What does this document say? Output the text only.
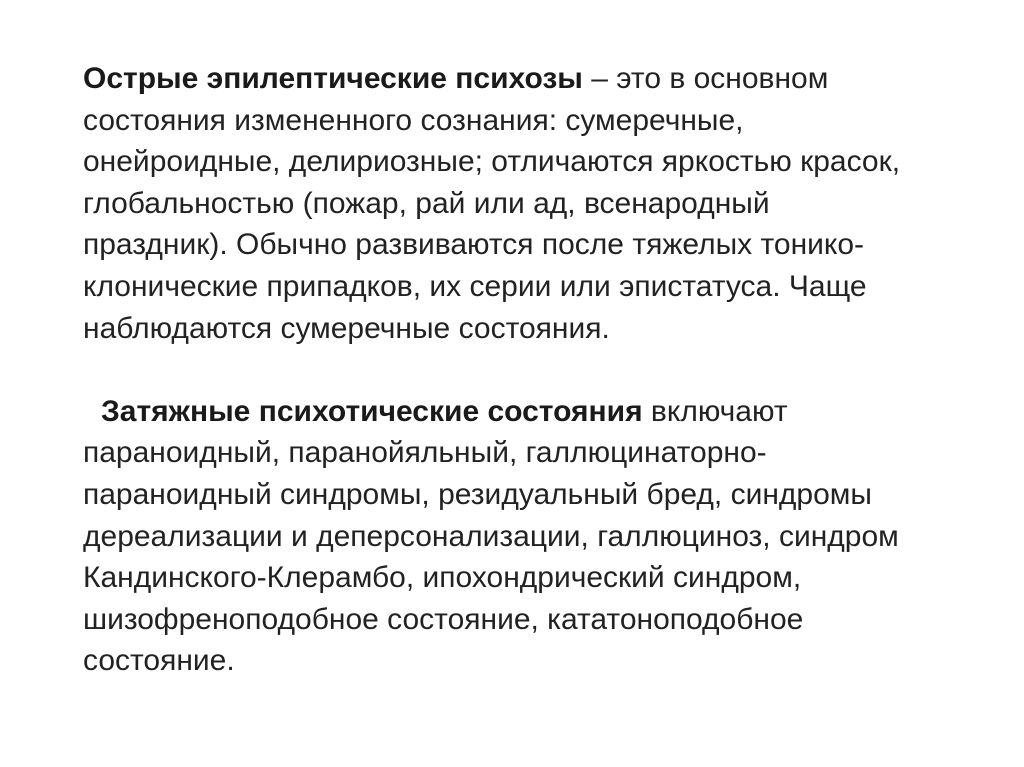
Острые эпилептические психозы – это в основном
состояния измененного сознания: сумеречные,
онейроидные, делириозные; отличаются яркостью красок,
глобальностью (пожар, рай или ад, всенародный
праздник). Обычно развиваются после тяжелых тонико-
клонические припадков, их серии или эпистатуса. Чаще
наблюдаются сумеречные состояния.
Затяжные психотические состояния включают
параноидный, паранойяльный, галлюцинаторно-
параноидный синдромы, резидуальный бред, синдромы
дереализации и деперсонализации, галлюциноз, синдром
Кандинского-Клерамбо, ипохондрический синдром,
шизофреноподобное состояние, кататоноподобное
состояние.
